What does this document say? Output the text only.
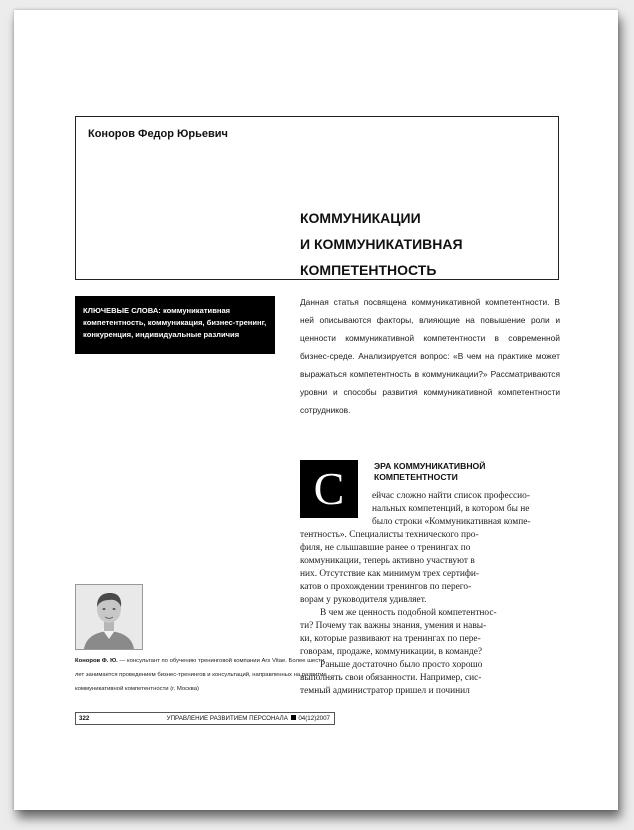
Коноров Федор Юрьевич

КОММУНИКАЦИИ
И КОММУНИКАТИВНАЯ
КОМПЕТЕНТНОСТЬ
КЛЮЧЕВЫЕ СЛОВА: коммуникативная компетентность, коммуникация, бизнес-тренинг, конкуренция, индивидуальные различия

Данная статья посвящена коммуникативной компетентности. В ней описываются факторы, влияющие на повышение роли и ценности коммуникативной компетентности в современной бизнес-среде. Анализируется вопрос: «В чем на практике может выражаться компетентность в коммуникации?» Рассматриваются уровни и способы развития коммуникативной компетентности сотрудников.

С	ЭРА КОММУНИКАТИВНОЙ
КОМПЕТЕНТНОСТИ
ейчас сложно найти список профессио-
нальных компетенций, в котором бы не
было строки «Коммуникативная компе-
тентность». Специалисты технического про-
филя, не слышавшие ранее о тренингах по
коммуникации, теперь активно участвуют в
них. Отсутствие как минимум трех сертифи-
катов о прохождении тренингов по перего-
ворам у руководителя удивляет.
В чем же ценность подобной компетентнос-
ти? Почему так важны знания, умения и навы-
ки, которые развивают на тренингах по пере-
говорам, продаже, коммуникации, в команде?
Раньше достаточно было просто хорошо
выполнять свои обязанности. Например, сис-
темный администратор пришел и починил

Коноров Ф. Ю. — консультант по обучению тренинговой компании Ars Vitae. Более шести лет занимается проведением бизнес-тренингов и консультаций, направленных на развитие коммуникативной компетентности (г. Москва)

322	УПРАВЛЕНИЕ РАЗВИТИЕМ ПЕРСОНАЛА 04(12)2007
